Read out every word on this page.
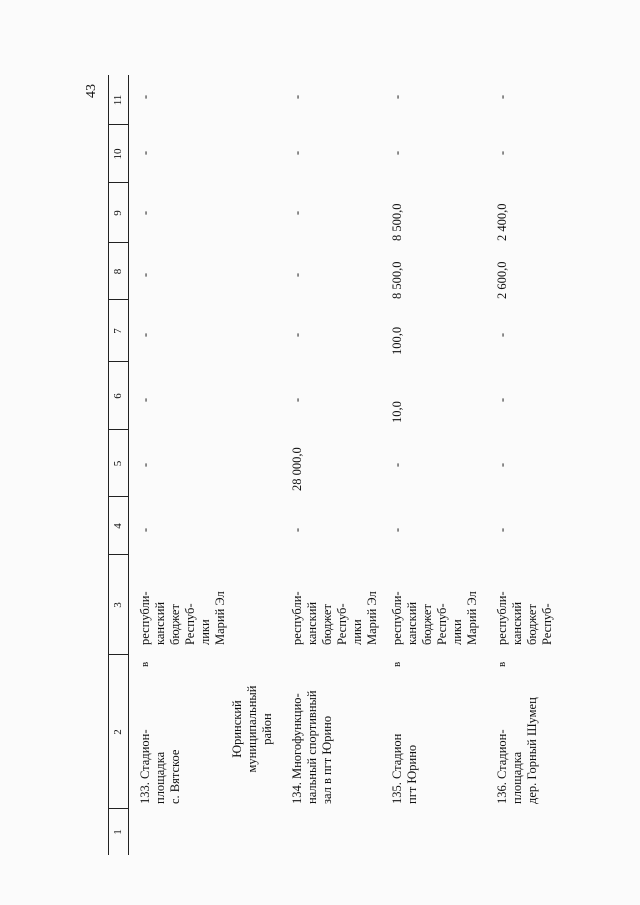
43
1
2
3
4
5
6
7
8
9
10
11
133. Стадион-
площадка
с. Вятское
в
республи-
канский
бюджет
Респуб-
лики
Марий Эл
-
-
-
-
-
-
-
-
Юринский
муниципальный
район
134. Многофункцио-
нальный спортивный
зал в пгт Юрино
республи-
канский
бюджет
Респуб-
лики
Марий Эл
-
28 000,0
-
-
-
-
-
-
135. Стадион
пгт Юрино
в
республи-
канский
бюджет
Респуб-
лики
Марий Эл
-
-
10,0
100,0
8 500,0
8 500,0
-
-
136. Стадион-
площадка
дер. Горный Шумец
в
республи-
канский
бюджет
Респуб-
-
-
-
-
2 600,0
2 400,0
-
-
